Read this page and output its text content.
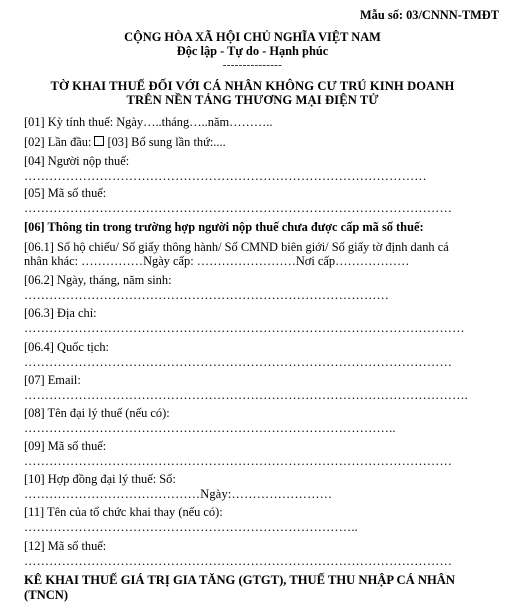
Mẫu số: 03/CNNN-TMĐT
CỘNG HÒA XÃ HỘI CHỦ NGHĨA VIỆT NAM
Độc lập - Tự do - Hạnh phúc
---------------
TỜ KHAI THUẾ ĐỐI VỚI CÁ NHÂN KHÔNG CƯ TRÚ KINH DOANH
TRÊN NỀN TẢNG THƯƠNG MẠI ĐIỆN TỬ
[01] Kỳ tính thuế: Ngày…..tháng…..năm………..
[02] Lần đầu: [03] Bổ sung lần thứ:....
[04] Người nộp thuế:
……………………………………………………………………………………
[05] Mã số thuế:
…………………………………………………………………………………………
[06] Thông tin trong trường hợp người nộp thuế chưa được cấp mã số thuế:
[06.1] Số hộ chiếu/ Số giấy thông hành/ Số CMND biên giới/ Số giấy tờ định danh cá
nhân khác: ……………Ngày cấp: ……………………Nơi cấp………………
[06.2] Ngày, tháng, năm sinh:
……………………………………………………………………………
[06.3] Địa chỉ:
……………………………………………………………………………………………
[06.4] Quốc tịch:
…………………………………………………………………………………………
[07] Email:
…………………………………………………………………………………………….
[08] Tên đại lý thuế (nếu có):
……………………………………………………………………………..
[09] Mã số thuế:
…………………………………………………………………………………………
[10] Hợp đồng đại lý thuế: Số:
……………………………………Ngày:……………………
[11] Tên của tổ chức khai thay (nếu có):
……………………………………………………………………..
[12] Mã số thuế:
…………………………………………………………………………………………
KÊ KHAI THUẾ GIÁ TRỊ GIA TĂNG (GTGT), THUẾ THU NHẬP CÁ NHÂN
(TNCN)
